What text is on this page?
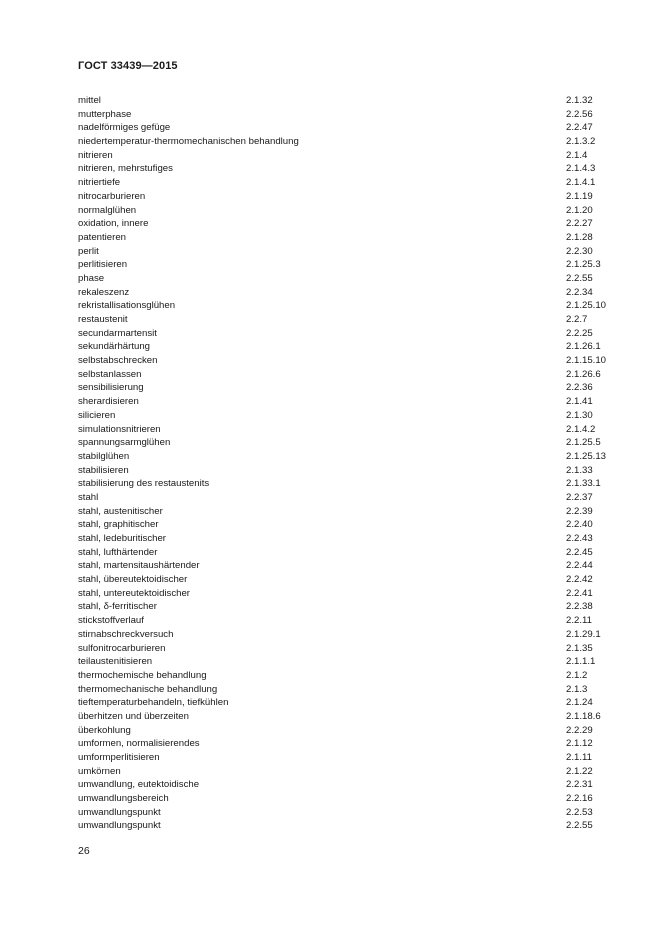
ГОСТ 33439—2015
mittel	2.1.32
mutterphase	2.2.56
nadelförmiges gefüge	2.2.47
niedertemperatur-thermomechanischen behandlung	2.1.3.2
nitrieren	2.1.4
nitrieren, mehrstufiges	2.1.4.3
nitriertiefe	2.1.4.1
nitrocarburieren	2.1.19
normalglühen	2.1.20
oxidation, innere	2.2.27
patentieren	2.1.28
perlit	2.2.30
perlitisieren	2.1.25.3
phase	2.2.55
rekaleszenz	2.2.34
rekristallisationsglühen	2.1.25.10
restaustenit	2.2.7
secundarmartensit	2.2.25
sekundärhärtung	2.1.26.1
selbstabschrecken	2.1.15.10
selbstanlassen	2.1.26.6
sensibilisierung	2.2.36
sherardisieren	2.1.41
silicieren	2.1.30
simulationsnitrieren	2.1.4.2
spannungsarmglühen	2.1.25.5
stabilglühen	2.1.25.13
stabilisieren	2.1.33
stabilisierung des restaustenits	2.1.33.1
stahl	2.2.37
stahl, austenitischer	2.2.39
stahl, graphitischer	2.2.40
stahl, ledeburitischer	2.2.43
stahl, lufthärtender	2.2.45
stahl, martensitaushärtender	2.2.44
stahl, übereutektoidischer	2.2.42
stahl, untereutektoidischer	2.2.41
stahl, δ-ferritischer	2.2.38
stickstoffverlauf	2.2.11
stirnabschreckversuch	2.1.29.1
sulfonitrocarburieren	2.1.35
teilaustenitisieren	2.1.1.1
thermochemische behandlung	2.1.2
thermomechanische behandlung	2.1.3
tieftemperaturbehandeln, tiefkühlen	2.1.24
überhitzen und überzeiten	2.1.18.6
überkohlung	2.2.29
umformen, normalisierendes	2.1.12
umformperlitisieren	2.1.11
umkörnen	2.1.22
umwandlung, eutektoidische	2.2.31
umwandlungsbereich	2.2.16
umwandlungspunkt	2.2.53
umwandlungspunkt	2.2.55
26
